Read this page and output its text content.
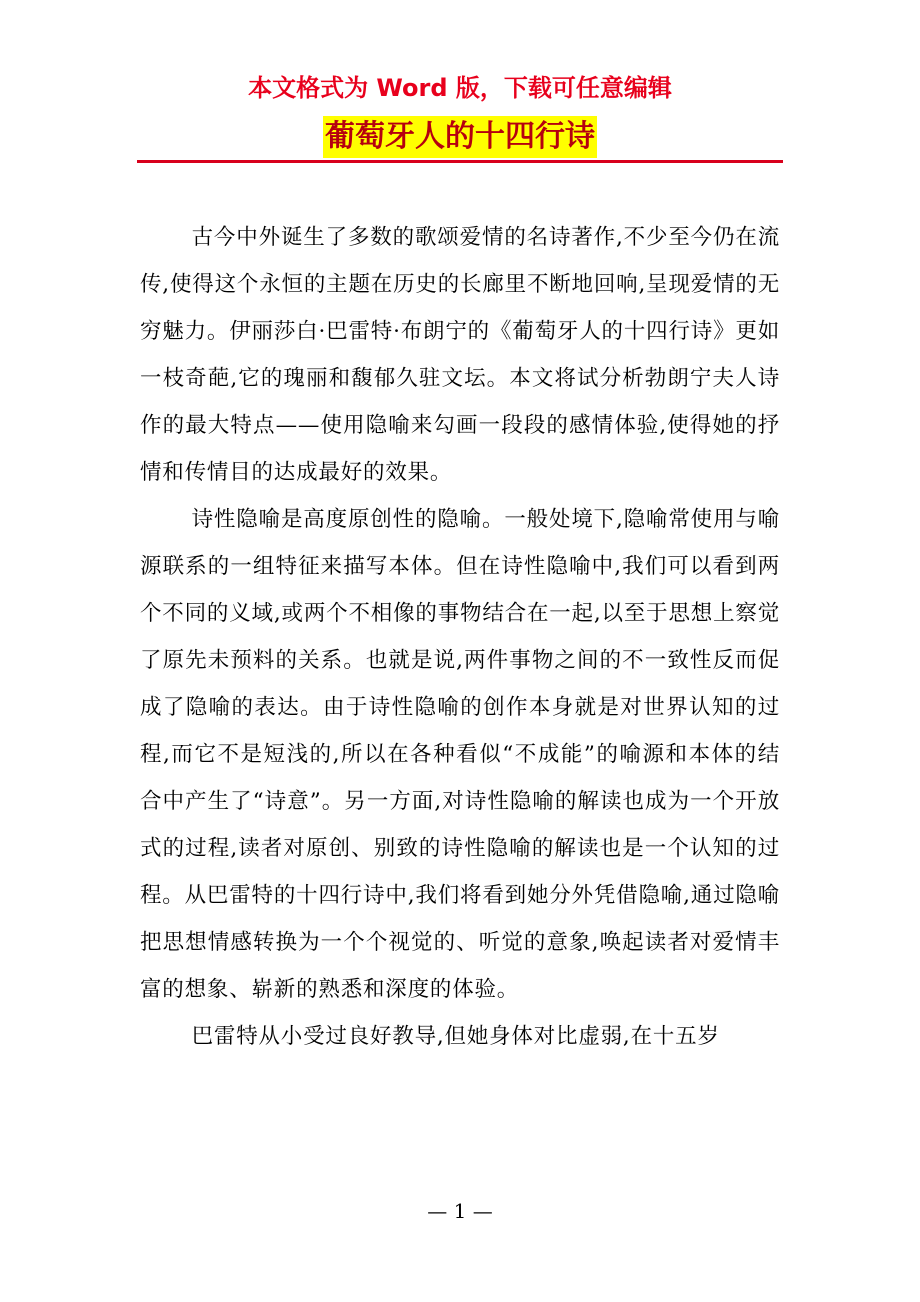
本文格式为 Word 版，下载可任意编辑
葡萄牙人的十四行诗

古今中外诞生了多数的歌颂爱情的名诗著作,不少至今仍在流传,使得这个永恒的主题在历史的长廊里不断地回响,呈现爱情的无穷魅力。伊丽莎白·巴雷特·布朗宁的《葡萄牙人的十四行诗》更如一枝奇葩,它的瑰丽和馥郁久驻文坛。本文将试分析勃朗宁夫人诗作的最大特点——使用隐喻来勾画一段段的感情体验,使得她的抒情和传情目的达成最好的效果。

诗性隐喻是高度原创性的隐喻。一般处境下,隐喻常使用与喻源联系的一组特征来描写本体。但在诗性隐喻中,我们可以看到两个不同的义域,或两个不相像的事物结合在一起,以至于思想上察觉了原先未预料的关系。也就是说,两件事物之间的不一致性反而促成了隐喻的表达。由于诗性隐喻的创作本身就是对世界认知的过程,而它不是短浅的,所以在各种看似“不成能”的喻源和本体的结合中产生了“诗意”。另一方面,对诗性隐喻的解读也成为一个开放式的过程,读者对原创、别致的诗性隐喻的解读也是一个认知的过程。从巴雷特的十四行诗中,我们将看到她分外凭借隐喻,通过隐喻把思想情感转换为一个个视觉的、听觉的意象,唤起读者对爱情丰富的想象、崭新的熟悉和深度的体验。

巴雷特从小受过良好教导,但她身体对比虚弱,在十五岁

— 1 —
